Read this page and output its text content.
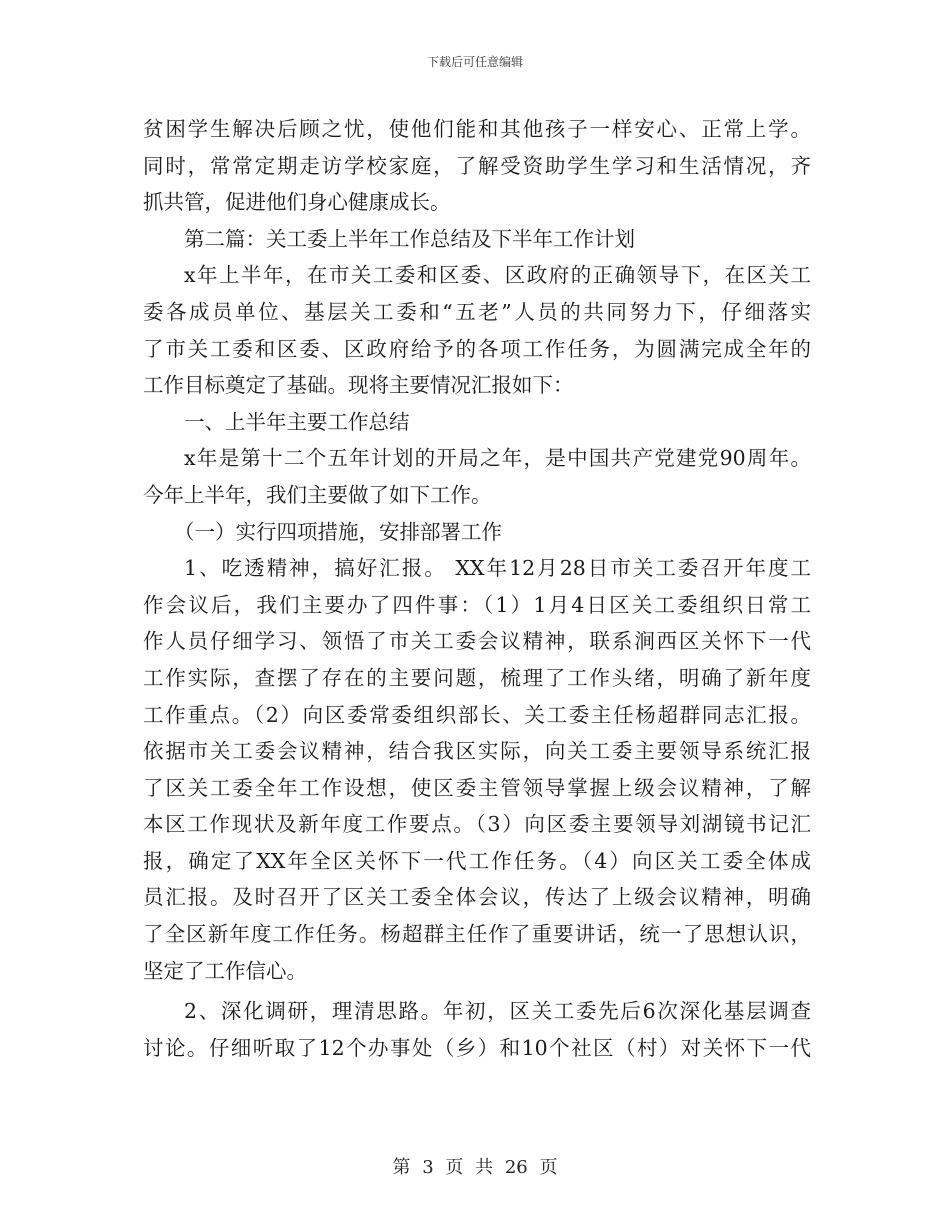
下载后可任意编辑
贫困学生解决后顾之忧，使他们能和其他孩子一样安心、正常上学。
同时，常常定期走访学校家庭，了解受资助学生学习和生活情况，齐
抓共管，促进他们身心健康成长。
第二篇：关工委上半年工作总结及下半年工作计划
x年上半年，在市关工委和区委、区政府的正确领导下，在区关工
委各成员单位、基层关工委和“五老”人员的共同努力下，仔细落实
了市关工委和区委、区政府给予的各项工作任务，为圆满完成全年的
工作目标奠定了基础。现将主要情况汇报如下：
一、上半年主要工作总结
x年是第十二个五年计划的开局之年，是中国共产党建党90周年。
今年上半年，我们主要做了如下工作。
（一）实行四项措施，安排部署工作
1、吃透精神，搞好汇报。 XX年12月28日市关工委召开年度工
作会议后，我们主要办了四件事：（1）1月4日区关工委组织日常工
作人员仔细学习、领悟了市关工委会议精神，联系涧西区关怀下一代
工作实际，查摆了存在的主要问题，梳理了工作头绪，明确了新年度
工作重点。（2）向区委常委组织部长、关工委主任杨超群同志汇报。
依据市关工委会议精神，结合我区实际，向关工委主要领导系统汇报
了区关工委全年工作设想，使区委主管领导掌握上级会议精神，了解
本区工作现状及新年度工作要点。（3）向区委主要领导刘湖镜书记汇
报，确定了XX年全区关怀下一代工作任务。（4）向区关工委全体成
员汇报。及时召开了区关工委全体会议，传达了上级会议精神，明确
了全区新年度工作任务。杨超群主任作了重要讲话，统一了思想认识，
坚定了工作信心。
2、深化调研，理清思路。年初，区关工委先后6次深化基层调查
讨论。仔细听取了12个办事处（乡）和10个社区（村）对关怀下一代
第 3 页 共 26 页
